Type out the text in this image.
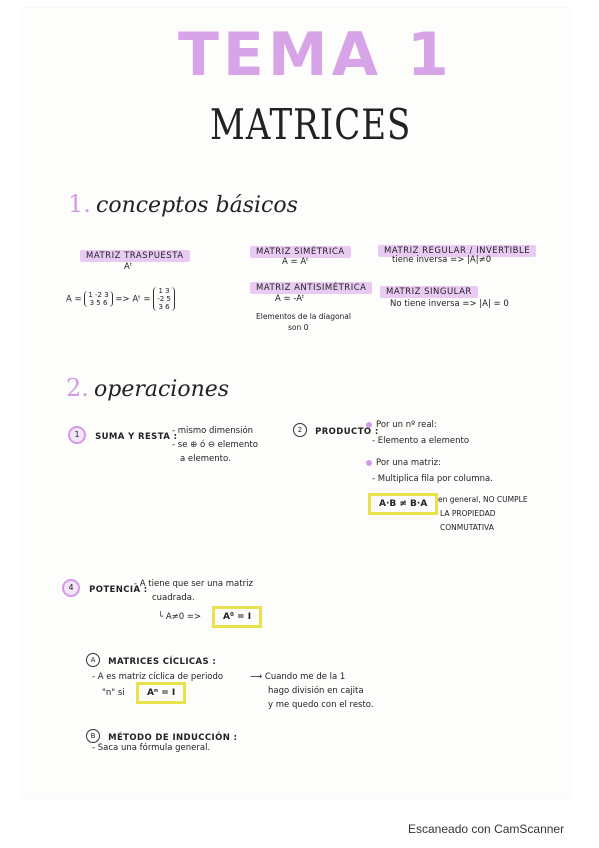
TEMA 1
MATRICES
1. conceptos básicos
MATRIZ TRASPUESTA
Aᵗ
A = 1 -2 3
3 5 6 => Aᵗ = 1 3
-2 5
3 6
MATRIZ SIMÉTRICA
A = Aᵗ
MATRIZ ANTISIMÉTRICA
A = -Aᵗ
Elementos de la diagonal
son 0
MATRIZ REGULAR / INVERTIBLE
tiene inversa => |A|≠0
MATRIZ SINGULAR
No tiene inversa => |A| = 0
2. operaciones
1 SUMA Y RESTA :
- mismo dimensión
- se ⊕ ó ⊖ elemento
a elemento.
2 PRODUCTO :
Por un nº real:
- Elemento a elemento
Por una matriz:
- Multiplica fila por columna.
A·B ≠ B·A	en general, NO CUMPLE
LA PROPIEDAD
CONMUTATIVA
4 POTENCIA :
- A tiene que ser una matriz
cuadrada.
└ A≠0 =>	A⁰ = I
A MATRICES CÍCLICAS :
- A es matriz cíclica de periodo
"n" si	Aⁿ = I
⟶ Cuando me de la 1
hago división en cajita
y me quedo con el resto.
B MÉTODO DE INDUCCIÓN :
- Saca una fórmula general.
Escaneado con CamScanner
